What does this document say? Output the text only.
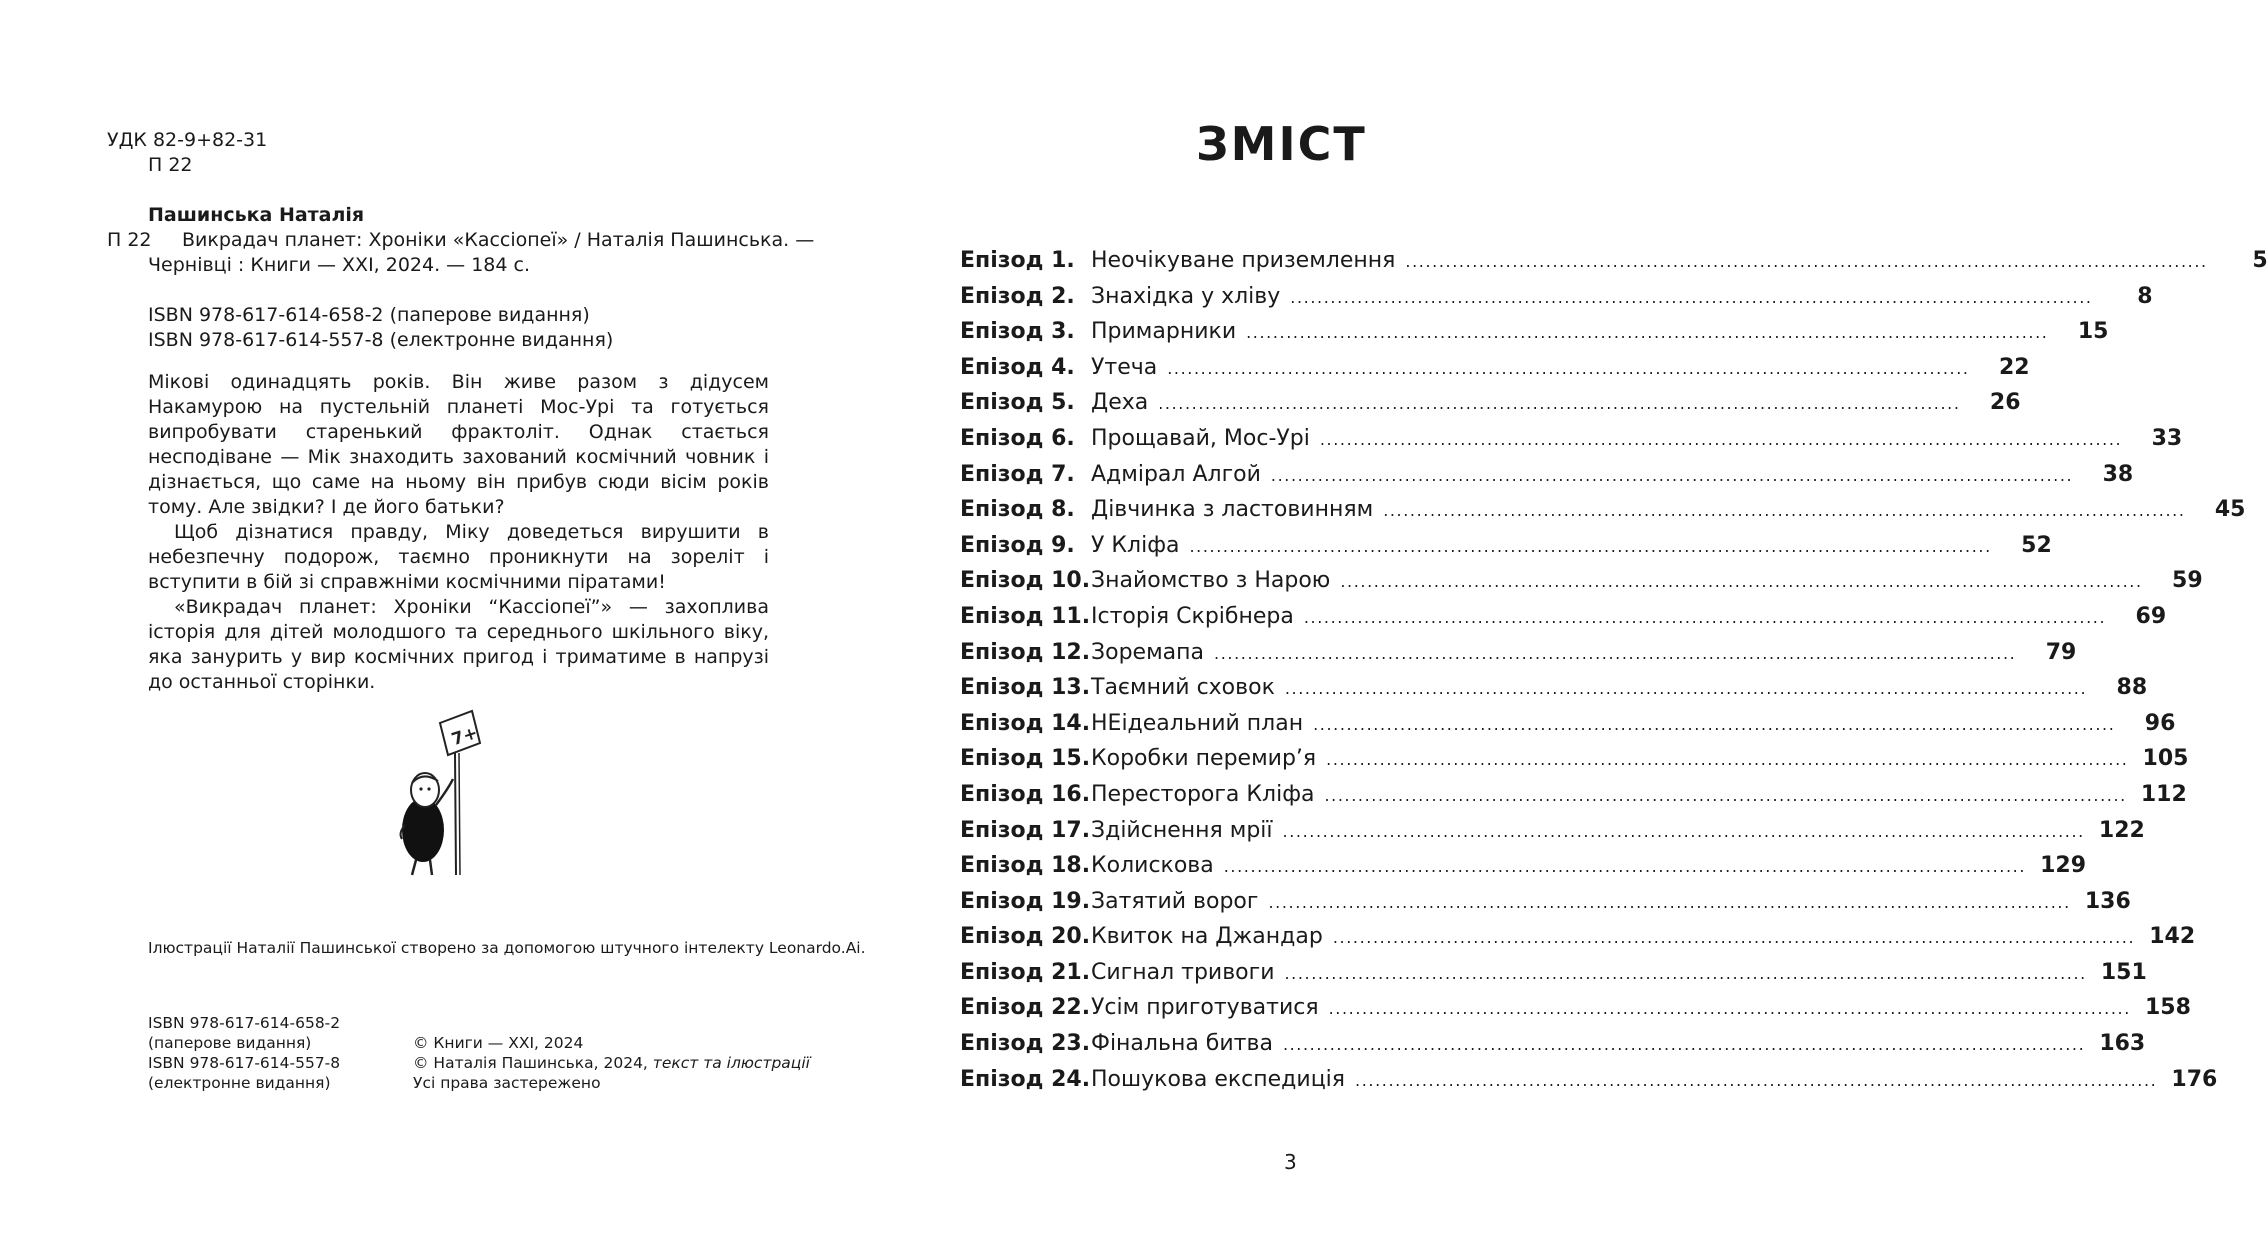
УДК 82-9+82-31
П 22
Пашинська Наталія
П 22 Викрадач планет: Хроніки «Кассіопеї» / Наталія Пашинська. —
Чернівці : Книги — ХХІ, 2024. — 184 с.
ISBN 978-617-614-658-2 (паперове видання)
ISBN 978-617-614-557-8 (електронне видання)

Мікові одинадцять років. Він живе разом з дідусем Накамурою на пустельній планеті Мос-Урі та готується випробувати старенький фрактоліт. Однак стається несподіване — Мік знаходить захований космічний човник і дізнається, що саме на ньому він прибув сюди вісім років тому. Але звідки? І де його батьки?

Щоб дізнатися правду, Міку доведеться вирушити в небезпечну подорож, таємно проникнути на зореліт і вступити в бій зі справжніми космічними піратами!

«Викрадач планет: Хроніки “Кассіопеї”» — захоплива історія для дітей молодшого та середнього шкільного віку, яка занурить у вир космічних пригод і триматиме в напрузі до останньої сторінки.

7+
Ілюстрації Наталії Пашинської створено за допомогою штучного інтелекту Leonardo.Ai.
ISBN 978-617-614-658-2
(паперове видання)
ISBN 978-617-614-557-8
(електронне видання)
© Книги — ХХІ, 2024
© Наталія Пашинська, 2024, текст та ілюстрації
Усі права застережено
ЗМІСТ
Епізод 1. Неочікуване приземлення ........................................................................................................................	5
Епізод 2. Знахідка у хліву ........................................................................................................................	8
Епізод 3. Примарники ........................................................................................................................	15
Епізод 4. Утеча ........................................................................................................................	22
Епізод 5. Деха ........................................................................................................................	26
Епізод 6. Прощавай, Мос-Урі ........................................................................................................................	33
Епізод 7. Адмірал Алгой ........................................................................................................................	38
Епізод 8. Дівчинка з ластовинням ........................................................................................................................	45
Епізод 9. У Кліфа ........................................................................................................................	52
Епізод 10. Знайомство з Нарою ........................................................................................................................	59
Епізод 11. Історія Скрібнера ........................................................................................................................	69
Епізод 12. Зоремапа ........................................................................................................................	79
Епізод 13. Таємний сховок ........................................................................................................................	88
Епізод 14. НЕідеальний план ........................................................................................................................	96
Епізод 15. Коробки перемир’я ........................................................................................................................ 105
Епізод 16. Пересторога Кліфа ........................................................................................................................ 112
Епізод 17. Здійснення мрії ........................................................................................................................ 122
Епізод 18. Колискова ........................................................................................................................ 129
Епізод 19. Затятий ворог ........................................................................................................................ 136
Епізод 20. Квиток на Джандар ........................................................................................................................ 142
Епізод 21. Сигнал тривоги ........................................................................................................................ 151
Епізод 22. Усім приготуватися ........................................................................................................................ 158
Епізод 23. Фінальна битва ........................................................................................................................ 163
Епізод 24. Пошукова експедиція ........................................................................................................................ 176
3
